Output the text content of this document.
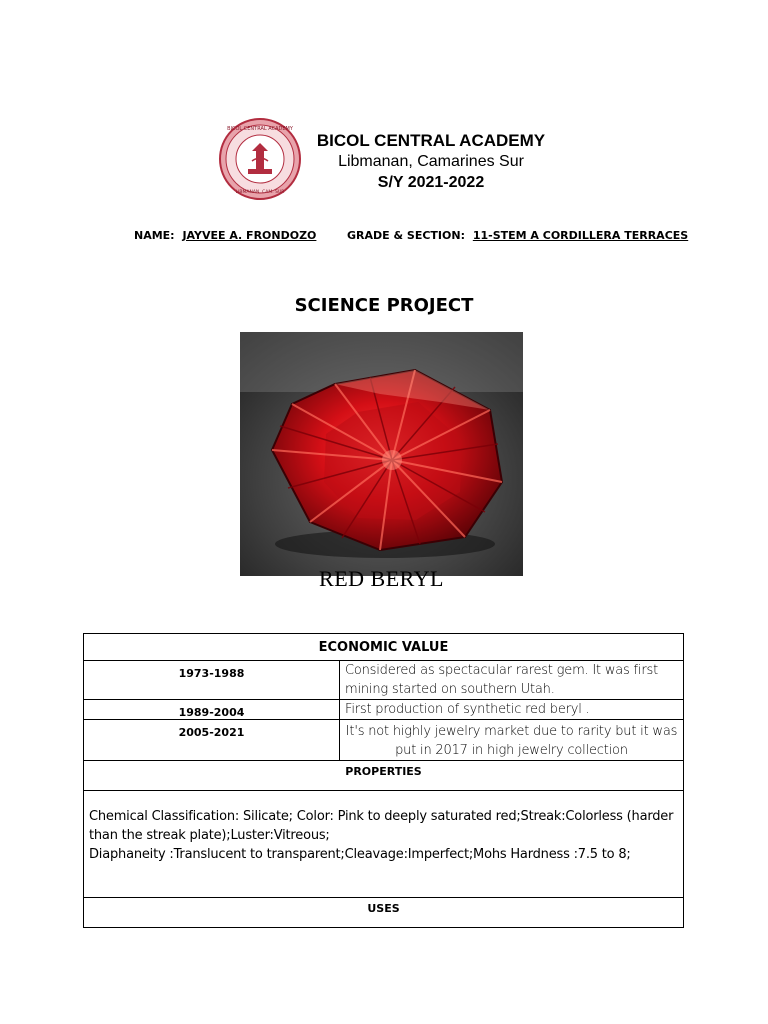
BICOL CENTRAL ACADEMY
LIBMANAN, CAM. SUR
BICOL CENTRAL ACADEMY
Libmanan, Camarines Sur
S/Y 2021-2022
NAME: JAYVEE A. FRONDOZO	GRADE & SECTION: 11-STEM A CORDILLERA TERRACES
SCIENCE PROJECT
RED BERYL
ECONOMIC VALUE	
1973-1988	Considered as spectacular rarest gem. It was first mining started on southern Utah.
1989-2004	First production of synthetic red beryl .
2005-2021	It's not highly jewelry market due to rarity but it was put in 2017 in high jewelry collection
PROPERTIES	
Chemical Classification: Silicate; Color: Pink to deeply saturated red;Streak:Colorless (harder than the streak plate);Luster:Vitreous;
Diaphaneity :Translucent to transparent;Cleavage:Imperfect;Mohs Hardness :7.5 to 8;	
USES	
